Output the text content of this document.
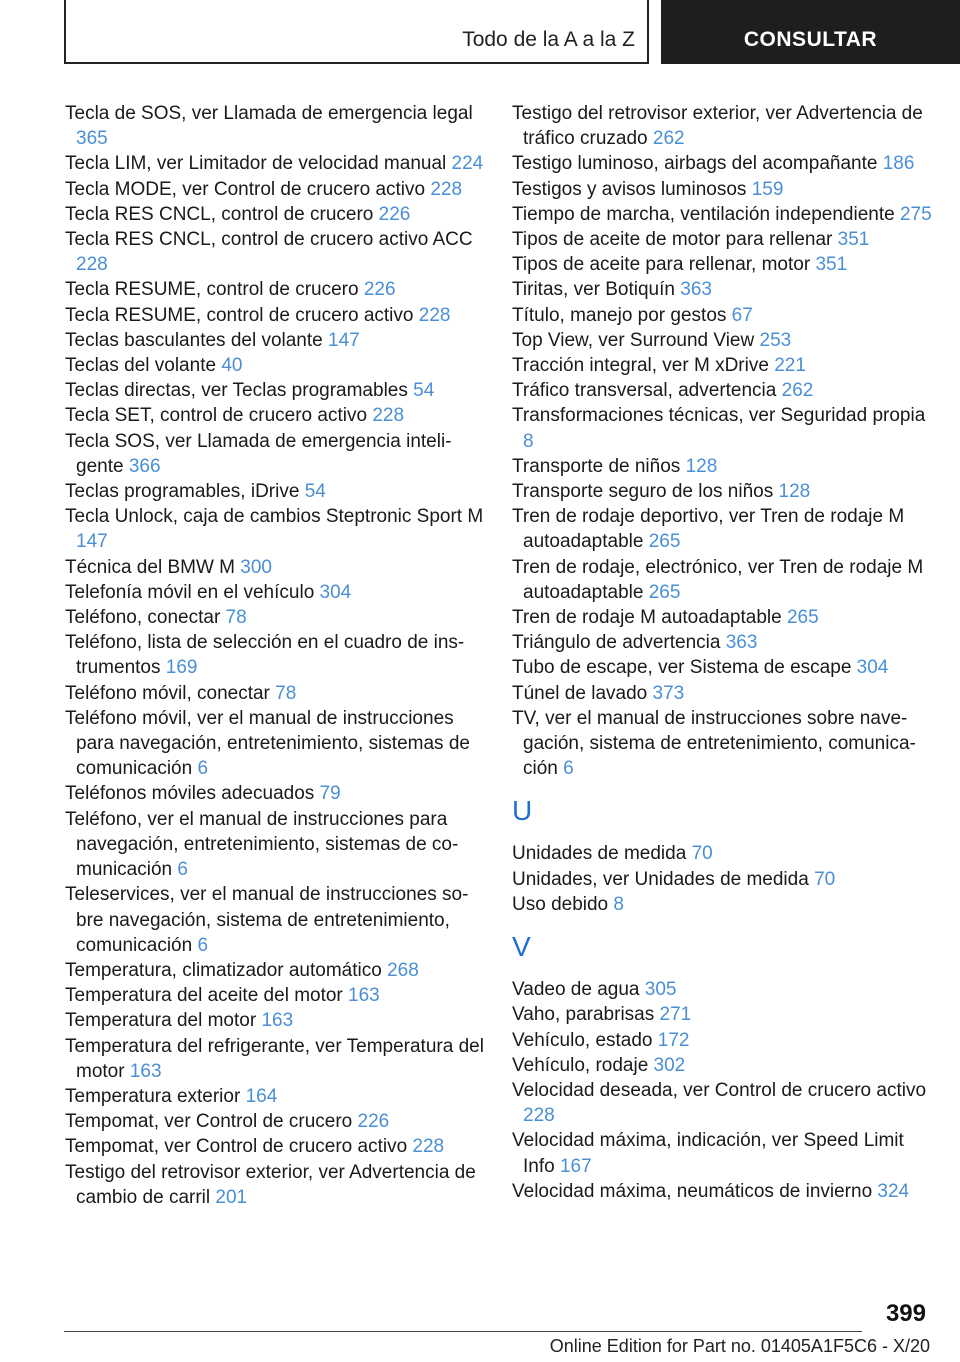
Todo de la A a la Z	CONSULTAR
Tecla de SOS, ver Llamada de emergencia legal 365
Tecla LIM, ver Limitador de velocidad manual 224
Tecla MODE, ver Control de crucero activo 228
Tecla RES CNCL, control de crucero 226
Tecla RES CNCL, control de crucero activo ACC 228
Tecla RESUME, control de crucero 226
Tecla RESUME, control de crucero activo 228
Teclas basculantes del volante 147
Teclas del volante 40
Teclas directas, ver Teclas programables 54
Tecla SET, control de crucero activo 228
Tecla SOS, ver Llamada de emergencia inteligente 366
Teclas programables, iDrive 54
Tecla Unlock, caja de cambios Steptronic Sport M 147
Técnica del BMW M 300
Telefonía móvil en el vehículo 304
Teléfono, conectar 78
Teléfono, lista de selección en el cuadro de instrumentos 169
Teléfono móvil, conectar 78
Teléfono móvil, ver el manual de instrucciones para navegación, entretenimiento, sistemas de comunicación 6
Teléfonos móviles adecuados 79
Teléfono, ver el manual de instrucciones para navegación, entretenimiento, sistemas de comunicación 6
Teleservices, ver el manual de instrucciones sobre navegación, sistema de entretenimiento, comunicación 6
Temperatura, climatizador automático 268
Temperatura del aceite del motor 163
Temperatura del motor 163
Temperatura del refrigerante, ver Temperatura del motor 163
Temperatura exterior 164
Tempomat, ver Control de crucero 226
Tempomat, ver Control de crucero activo 228
Testigo del retrovisor exterior, ver Advertencia de cambio de carril 201
Testigo del retrovisor exterior, ver Advertencia de tráfico cruzado 262
Testigo luminoso, airbags del acompañante 186
Testigos y avisos luminosos 159
Tiempo de marcha, ventilación independiente 275
Tipos de aceite de motor para rellenar 351
Tipos de aceite para rellenar, motor 351
Tiritas, ver Botiquín 363
Título, manejo por gestos 67
Top View, ver Surround View 253
Tracción integral, ver M xDrive 221
Tráfico transversal, advertencia 262
Transformaciones técnicas, ver Seguridad propia 8
Transporte de niños 128
Transporte seguro de los niños 128
Tren de rodaje deportivo, ver Tren de rodaje M autoadaptable 265
Tren de rodaje, electrónico, ver Tren de rodaje M autoadaptable 265
Tren de rodaje M autoadaptable 265
Triángulo de advertencia 363
Tubo de escape, ver Sistema de escape 304
Túnel de lavado 373
TV, ver el manual de instrucciones sobre navegación, sistema de entretenimiento, comunicación 6
U
Unidades de medida 70
Unidades, ver Unidades de medida 70
Uso debido 8
V
Vadeo de agua 305
Vaho, parabrisas 271
Vehículo, estado 172
Vehículo, rodaje 302
Velocidad deseada, ver Control de crucero activo 228
Velocidad máxima, indicación, ver Speed Limit Info 167
Velocidad máxima, neumáticos de invierno 324
399
Online Edition for Part no. 01405A1F5C6 - X/20
